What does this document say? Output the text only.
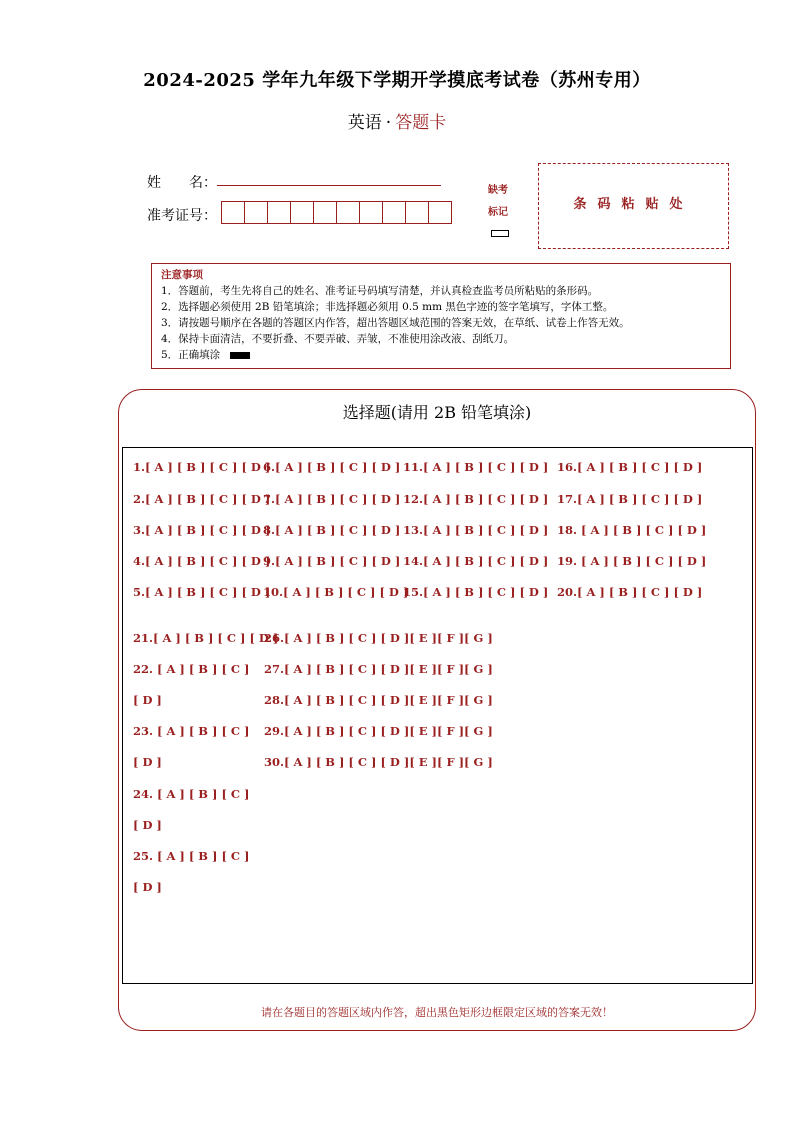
2024-2025 学年九年级下学期开学摸底考试卷（苏州专用）
英语 · 答题卡
姓　　名：
准考证号：
缺考
标记
条码粘贴处
注意事项
1．答题前，考生先将自己的姓名、准考证号码填写清楚，并认真检查监考员所粘贴的条形码。
2．选择题必须使用 2B 铅笔填涂；非选择题必须用 0.5 mm 黑色字迹的签字笔填写，字体工整。
3．请按题号顺序在各题的答题区内作答，超出答题区域范围的答案无效，在草纸、试卷上作答无效。
4．保持卡面清洁，不要折叠、不要弄破、弄皱，不准使用涂改液、刮纸刀。
5．正确填涂
选择题(请用 2B 铅笔填涂)
1.[ A ] [ B ] [ C ] [ D ]
2.[ A ] [ B ] [ C ] [ D ]
3.[ A ] [ B ] [ C ] [ D ]
4.[ A ] [ B ] [ C ] [ D ]
5.[ A ] [ B ] [ C ] [ D ]
6.[ A ] [ B ] [ C ] [ D ]
7.[ A ] [ B ] [ C ] [ D ]
8.[ A ] [ B ] [ C ] [ D ]
9.[ A ] [ B ] [ C ] [ D ]
10.[ A ] [ B ] [ C ] [ D ]
11.[ A ] [ B ] [ C ] [ D ]
12.[ A ] [ B ] [ C ] [ D ]
13.[ A ] [ B ] [ C ] [ D ]
14.[ A ] [ B ] [ C ] [ D ]
15.[ A ] [ B ] [ C ] [ D ]
16.[ A ] [ B ] [ C ] [ D ]
17.[ A ] [ B ] [ C ] [ D ]
18. [ A ] [ B ] [ C ] [ D ]
19. [ A ] [ B ] [ C ] [ D ]
20.[ A ] [ B ] [ C ] [ D ]
21.[ A ] [ B ] [ C ] [ D ]
22. [ A ] [ B ] [ C ]
[ D ]
23. [ A ] [ B ] [ C ]
[ D ]
24. [ A ] [ B ] [ C ]
[ D ]
25. [ A ] [ B ] [ C ]
[ D ]
26.[ A ] [ B ] [ C ] [ D ][ E ][ F ][ G ]
27.[ A ] [ B ] [ C ] [ D ][ E ][ F ][ G ]
28.[ A ] [ B ] [ C ] [ D ][ E ][ F ][ G ]
29.[ A ] [ B ] [ C ] [ D ][ E ][ F ][ G ]
30.[ A ] [ B ] [ C ] [ D ][ E ][ F ][ G ]
请在各题目的答题区域内作答，超出黑色矩形边框限定区域的答案无效！
